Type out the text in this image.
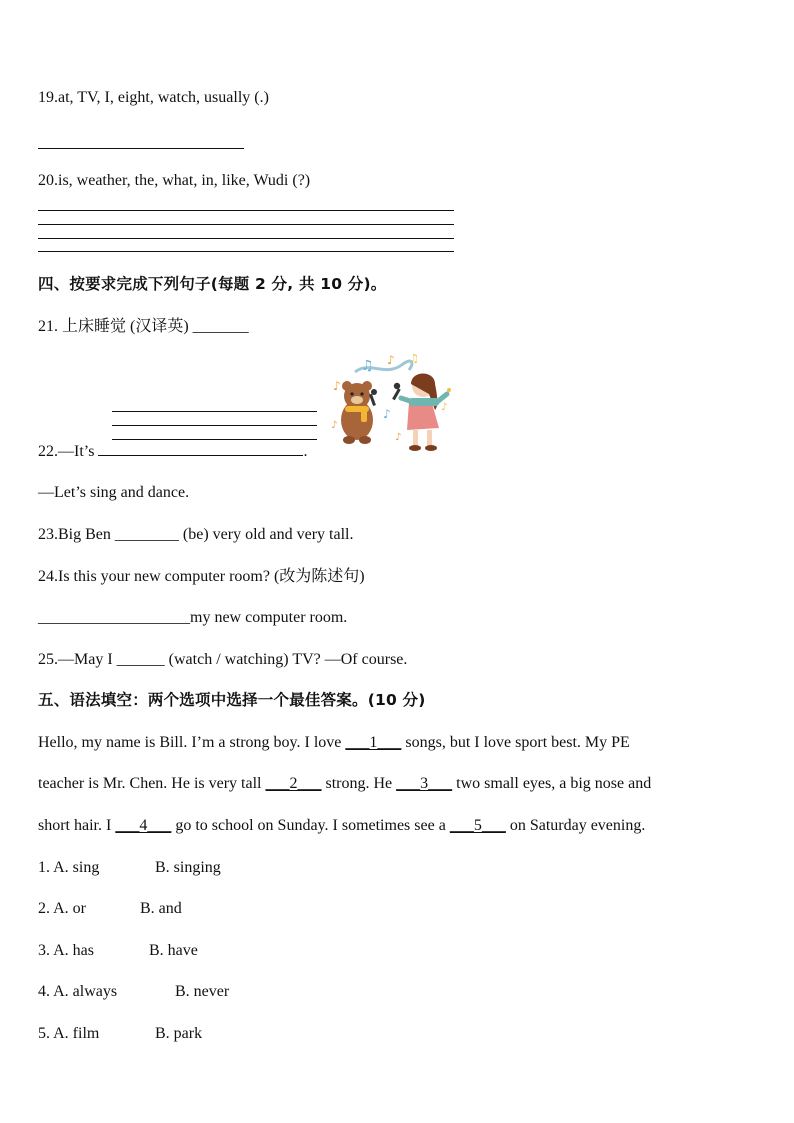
19.at, TV, I, eight, watch, usually (.)
20.is, weather, the, what, in, like, Wudi (?)
四、按要求完成下列句子(每题 2 分, 共 10 分)。
21. 上床睡觉 (汉译英) _______
22.—It’s	.
♪
♫ ♪ ♫
♪
♪
♪
♪
—Let’s sing and dance.
23.Big Ben ________ (be) very old and very tall.
24.Is this your new computer room? (改为陈述句)
___________________my new computer room.
25.—May I ______ (watch / watching) TV? —Of course.
五、语法填空：两个选项中选择一个最佳答案。(10 分)
Hello, my name is Bill. I’m a strong boy. I love ___1___ songs, but I love sport best. My PE
teacher is Mr. Chen. He is very tall ___2___ strong. He ___3___ two small eyes, a big nose and
short hair. I ___4___ go to school on Sunday. I sometimes see a ___5___ on Saturday evening.
1. A. sing	B. singing
2. A. or	B. and
3. A. has	B. have
4. A. always	B. never
5. A. film	B. park
